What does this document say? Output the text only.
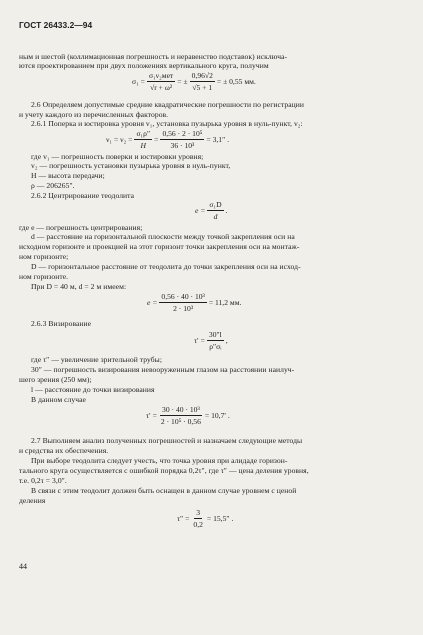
ГОСТ 26433.2—94
ным и шестой (коллимационная погрешность и неравенство подставок) исключа-
ются проектированием при двух положениях вертикального круга, получим
$\sigma_1 = \frac{\text{σ₁ν₂мет}}{\text{√r + ω²}}$ = ± $\frac{0,96√2}{√5 + 1}$ = ± 0,55 мм.
2.6 Определяем допустимые средние квадратические погрешности по регистрации
и учету каждого из перечисленных факторов.
2.6.1 Поперка и юстировка уровня v₁, установка пузырька уровня в нуль-пункт, v₂:
$\nu_1 = \nu_2 = \frac{\text{σ₁ρ″}}{H} = \frac{\text{0,56 · 2 · 10⁵}}{\text{36 · 10³}} = 3,1''$ .
где v₁ — погрешность поверки и юстировки уровня;
v₂ — погрешность установки пузырька уровня в нуль-пункт,
H — высота передачи;
ρ — 206265".
2.6.2 Центрирование теодолита
$e = \frac{\text{σ₁D}}{d}$ .
где e — погрешность центрирования;
d — расстояние на горизонтальной плоскости между точкой закрепления оси на
исходном горизонте и проекцией на этот горизонт точки закрепления оси на монтаж-
ном горизонте;
D — горизонтальное расстояние от теодолита до точки закрепления оси на исход-
ном горизонте.
При D = 40 м, d = 2 м имеем:
$e = \frac{\text{0,56 · 40 · 10³}}{\text{2 · 10³}} = 11,2$ мм.
2.6.3 Визирование
$\tau' = \frac{30''l}{\text{ρ″σᵢ}}$ ,
где τ″ — увеличение зрительной трубы;
30″ — погрешность визирования невооруженным глазом на расстоянии наилуч-
шего зрения (250 мм);
l — расстояние до точки визирования
В данном случае
$\tau' = \frac{\text{30 · 40 · 10³}}{\text{2 · 10⁵ · 0,56}} = 10,7'$ .
2.7 Выполняем анализ полученных погрешностей и назначаем следующие методы
и средства их обеспечения.
При выборе теодолита следует учесть, что точка уровня при алидаде горизон-
тального круга осуществляется с ошибкой порядка 0,2τ″, где τ″ — цена деления уровня,
т.е. 0,2τ = 3,0″.
В связи с этим теодолит должен быть оснащен в данном случае уровнем с ценой
деления
$\tau'' = \frac{3}{0,2} = 15,5''$ .
44
